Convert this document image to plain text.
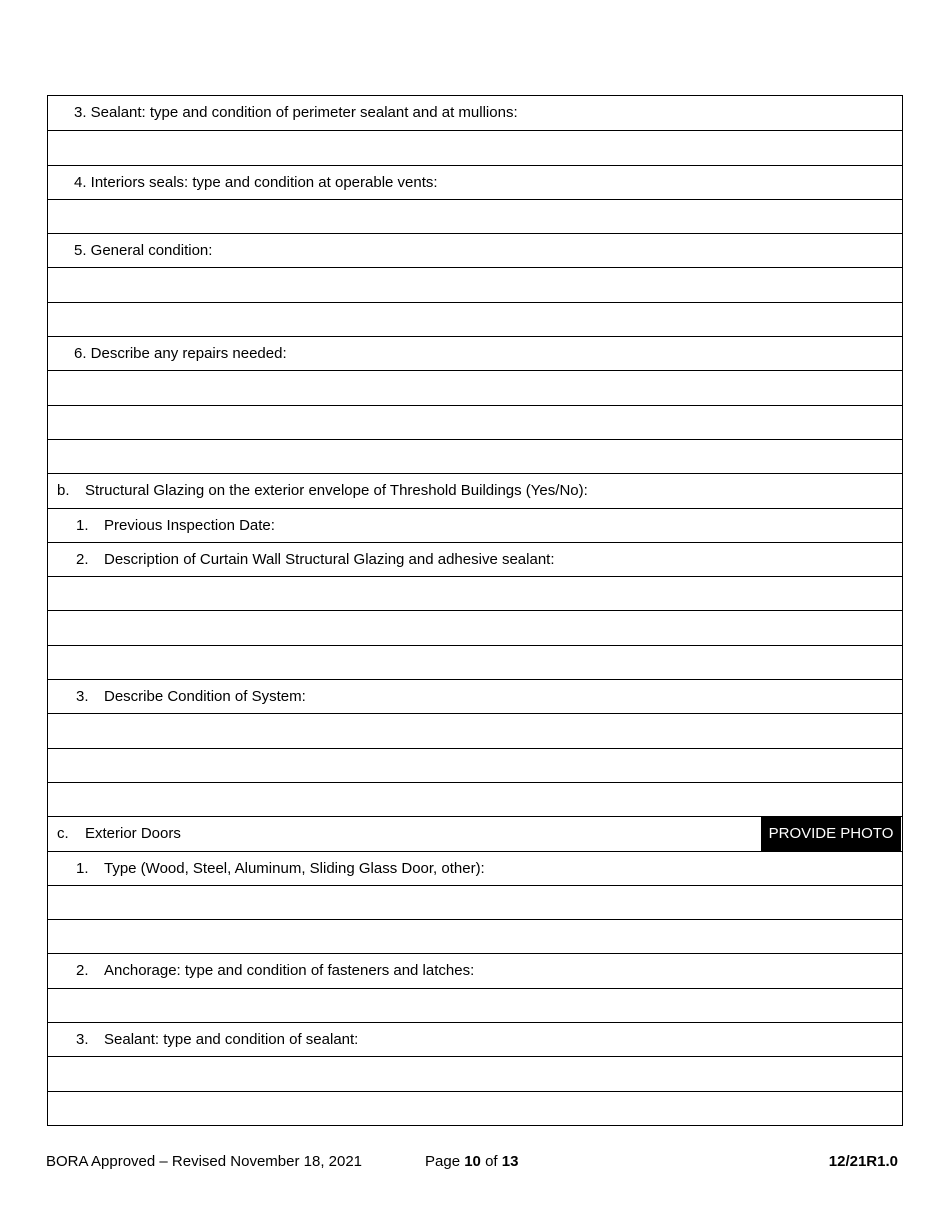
3. Sealant: type and condition of perimeter sealant and at mullions:
4. Interiors seals: type and condition at operable vents:
5. General condition:
6. Describe any repairs needed:
b. Structural Glazing on the exterior envelope of Threshold Buildings (Yes/No):
1. Previous Inspection Date:
2. Description of Curtain Wall Structural Glazing and adhesive sealant:
3. Describe Condition of System:
c. Exterior Doors	PROVIDE PHOTO
1. Type (Wood, Steel, Aluminum, Sliding Glass Door, other):
2. Anchorage: type and condition of fasteners and latches:
3. Sealant: type and condition of sealant:
BORA Approved – Revised November 18, 2021	Page 10 of 13	12/21R1.0
